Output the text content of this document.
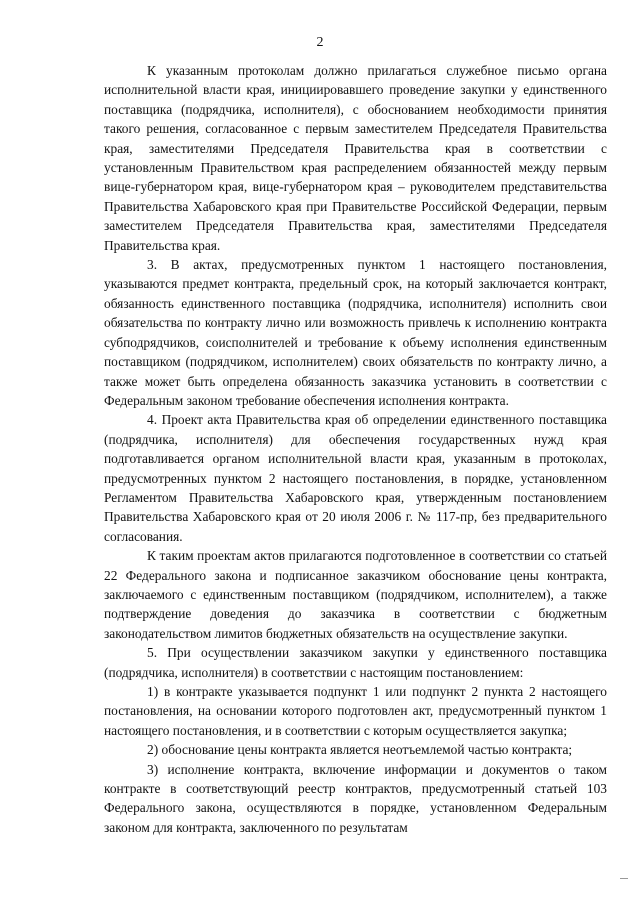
2

К указанным протоколам должно прилагаться служебное письмо органа исполнительной власти края, инициировавшего проведение закупки у единственного поставщика (подрядчика, исполнителя), с обоснованием необходимости принятия такого решения, согласованное с первым заместителем Председателя Правительства края, заместителями Председателя Правительства края в соответствии с установленным Правительством края распределением обязанностей между первым вице-губернатором края, вице-губернатором края – руководителем представительства Правительства Хабаровского края при Правительстве Российской Федерации, первым заместителем Председателя Правительства края, заместителями Председателя Правительства края.

3. В актах, предусмотренных пунктом 1 настоящего постановления, указываются предмет контракта, предельный срок, на который заключается контракт, обязанность единственного поставщика (подрядчика, исполнителя) исполнить свои обязательства по контракту лично или возможность привлечь к исполнению контракта субподрядчиков, соисполнителей и требование к объему исполнения единственным поставщиком (подрядчиком, исполнителем) своих обязательств по контракту лично, а также может быть определена обязанность заказчика установить в соответствии с Федеральным законом требование обеспечения исполнения контракта.

4. Проект акта Правительства края об определении единственного поставщика (подрядчика, исполнителя) для обеспечения государственных нужд края подготавливается органом исполнительной власти края, указанным в протоколах, предусмотренных пунктом 2 настоящего постановления, в порядке, установленном Регламентом Правительства Хабаровского края, утвержденным постановлением Правительства Хабаровского края от 20 июля 2006 г. № 117-пр, без предварительного согласования.

К таким проектам актов прилагаются подготовленное в соответствии со статьей 22 Федерального закона и подписанное заказчиком обоснование цены контракта, заключаемого с единственным поставщиком (подрядчиком, исполнителем), а также подтверждение доведения до заказчика в соответствии с бюджетным законодательством лимитов бюджетных обязательств на осуществление закупки.

5. При осуществлении заказчиком закупки у единственного поставщика (подрядчика, исполнителя) в соответствии с настоящим постановлением:

1) в контракте указывается подпункт 1 или подпункт 2 пункта 2 настоящего постановления, на основании которого подготовлен акт, предусмотренный пунктом 1 настоящего постановления, и в соответствии с которым осуществляется закупка;

2) обоснование цены контракта является неотъемлемой частью контракта;

3) исполнение контракта, включение информации и документов о таком контракте в соответствующий реестр контрактов, предусмотренный статьей 103 Федерального закона, осуществляются в порядке, установленном Федеральным законом для контракта, заключенного по результатам
